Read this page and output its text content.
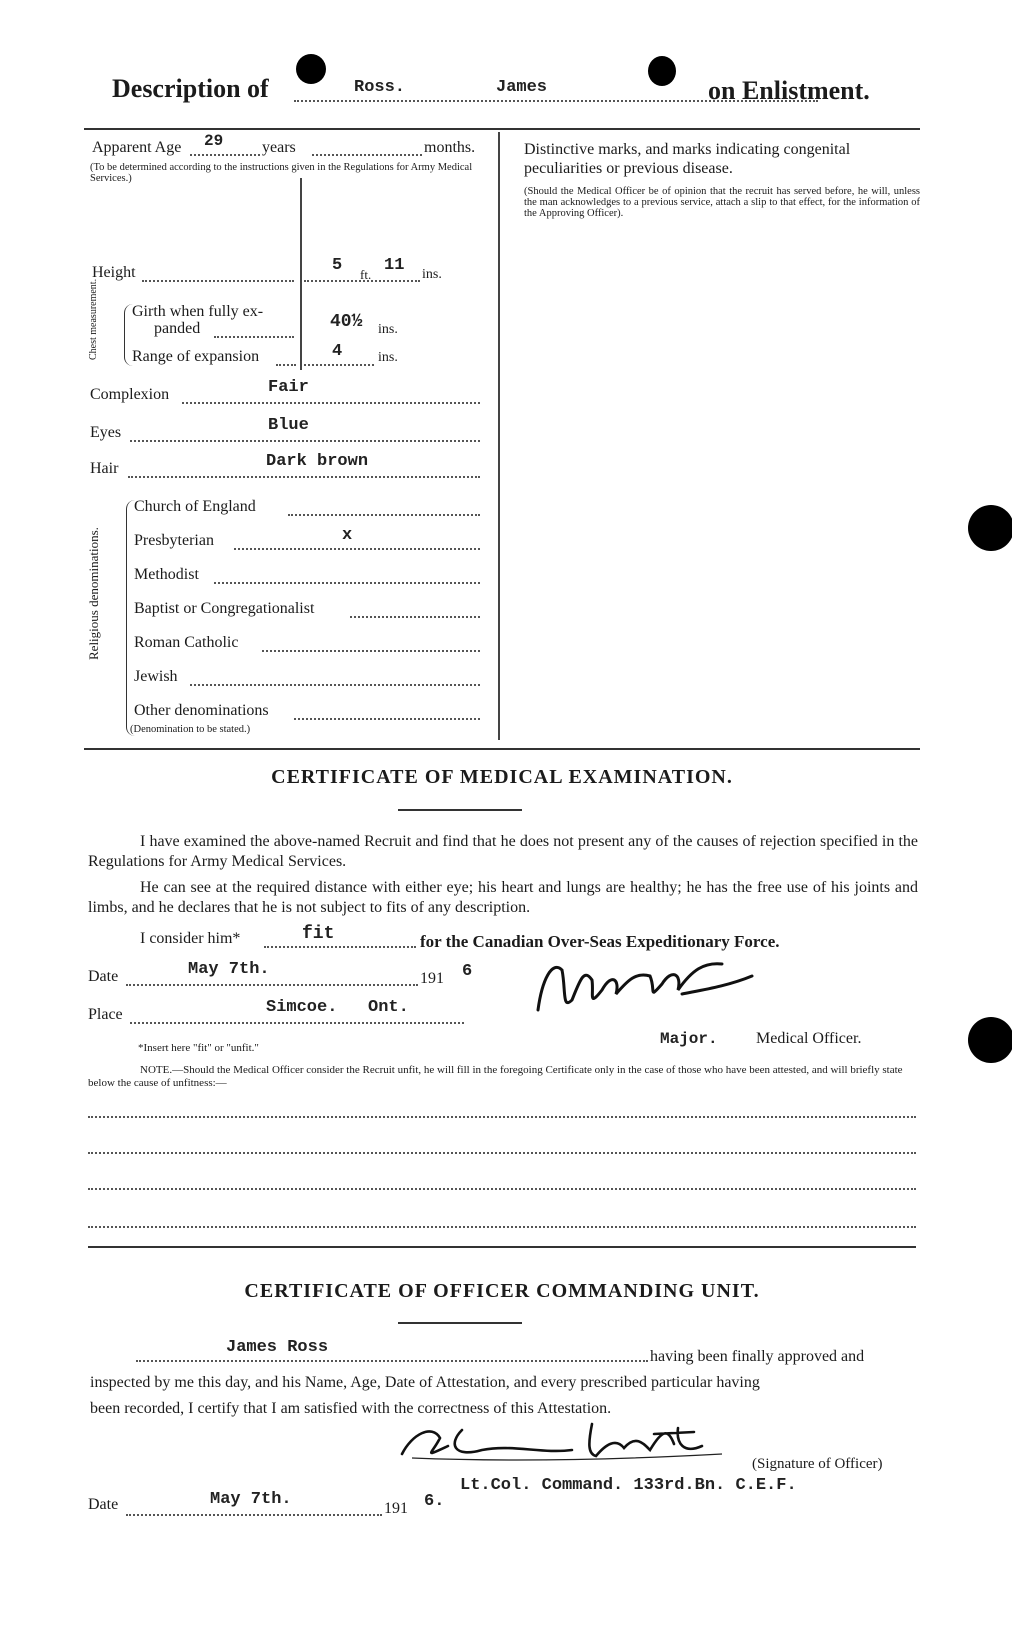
Description of	Ross.	James	on Enlistment.
Apparent Age 29 years	months.
(To be determined according to the instructions given in the Regulations for Army Medical Services.)
Height	5 ft. 11 ins.
Chest measurement. Girth when fully ex-
panded	40½ ins.
Range of expansion	4	ins.
Complexion	Fair
Eyes	Blue
Hair	Dark brown
Religious denominations.
Church of England
Presbyterian	x
Methodist
Baptist or Congregationalist
Roman Catholic
Jewish
Other denominations
(Denomination to be stated.)
Distinctive marks, and marks indicating congenital peculiarities or previous disease.
(Should the Medical Officer be of opinion that the recruit has served before, he will, unless the man acknowledges to a previous service, attach a slip to that effect, for the information of the Approving Officer).
CERTIFICATE OF MEDICAL EXAMINATION.

I have examined the above-named Recruit and find that he does not present any of the causes of rejection specified in the Regulations for Army Medical Services.

He can see at the required distance with either eye; his heart and lungs are healthy; he has the free use of his joints and limbs, and he declares that he is not subject to fits of any description.

I consider him*	fit	for the Canadian Over-Seas Expeditionary Force.
Date	May 7th.	191 6
Place	Simcoe.   Ont.
Major. Medical Officer.
*Insert here "fit" or "unfit."
NOTE.—Should the Medical Officer consider the Recruit unfit, he will fill in the foregoing Certificate only in the case of those who have been attested, and will briefly state below the cause of unfitness:—
CERTIFICATE OF OFFICER COMMANDING UNIT.
James Ross	having been finally approved and
inspected by me this day, and his Name, Age, Date of Attestation, and every prescribed particular having
been recorded, I certify that I am satisfied with the correctness of this Attestation.
(Signature of Officer)
Lt.Col. Command. 133rd.Bn. C.E.F.
Date	May 7th.	191 6.
